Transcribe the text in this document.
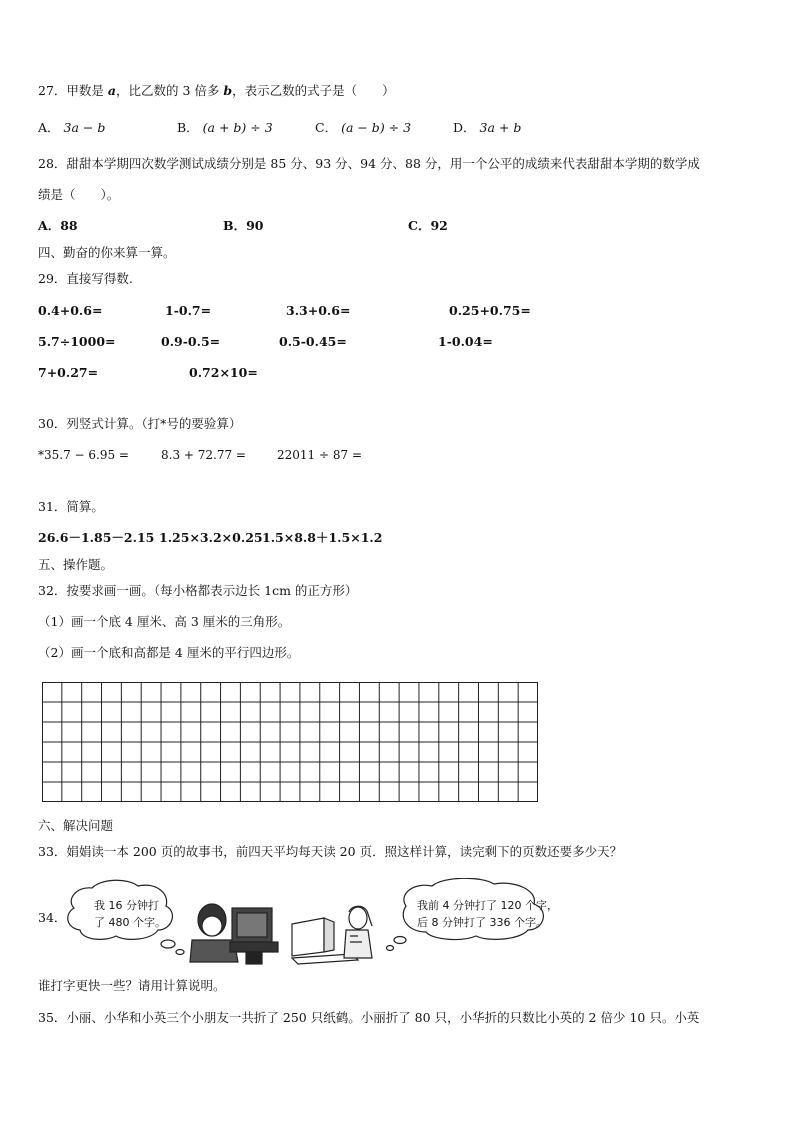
27．甲数是 a，比乙数的 3 倍多 b，表示乙数的式子是（　　）
A． 3a − b	B． (a + b) ÷ 3	C． (a − b) ÷ 3	D． 3a + b
28．甜甜本学期四次数学测试成绩分别是 85 分、93 分、94 分、88 分，用一个公平的成绩来代表甜甜本学期的数学成
绩是（　　）。
A．88	B．90	C．92
四、勤奋的你来算一算。
29．直接写得数.
0.4+0.6=	1-0.7=	3.3+0.6=	0.25+0.75=
5.7÷1000=	0.9-0.5=	0.5-0.45=	1-0.04=
7+0.27=	0.72×10=
30．列竖式计算。（打*号的要验算）
*35.7 − 6.95 =	8.3 + 72.77 =	22011 ÷ 87 =
31．简算。
26.6－1.85－2.15 1.25×3.2×0.25 1.5×8.8＋1.5×1.2
五、操作题。
32．按要求画一画。（每小格都表示边长 1cm 的正方形）
（1）画一个底 4 厘米、高 3 厘米的三角形。
（2）画一个底和高都是 4 厘米的平行四边形。
六、解决问题
33．娟娟读一本 200 页的故事书，前四天平均每天读 20 页．照这样计算，读完剩下的页数还要多少天？
34．
我 16 分钟打
了 480 个字。
我前 4 分钟打了 120 个字，
后 8 分钟打了 336 个字。
谁打字更快一些？请用计算说明。
35．小丽、小华和小英三个小朋友一共折了 250 只纸鹤。小丽折了 80 只，小华折的只数比小英的 2 倍少 10 只。小英
